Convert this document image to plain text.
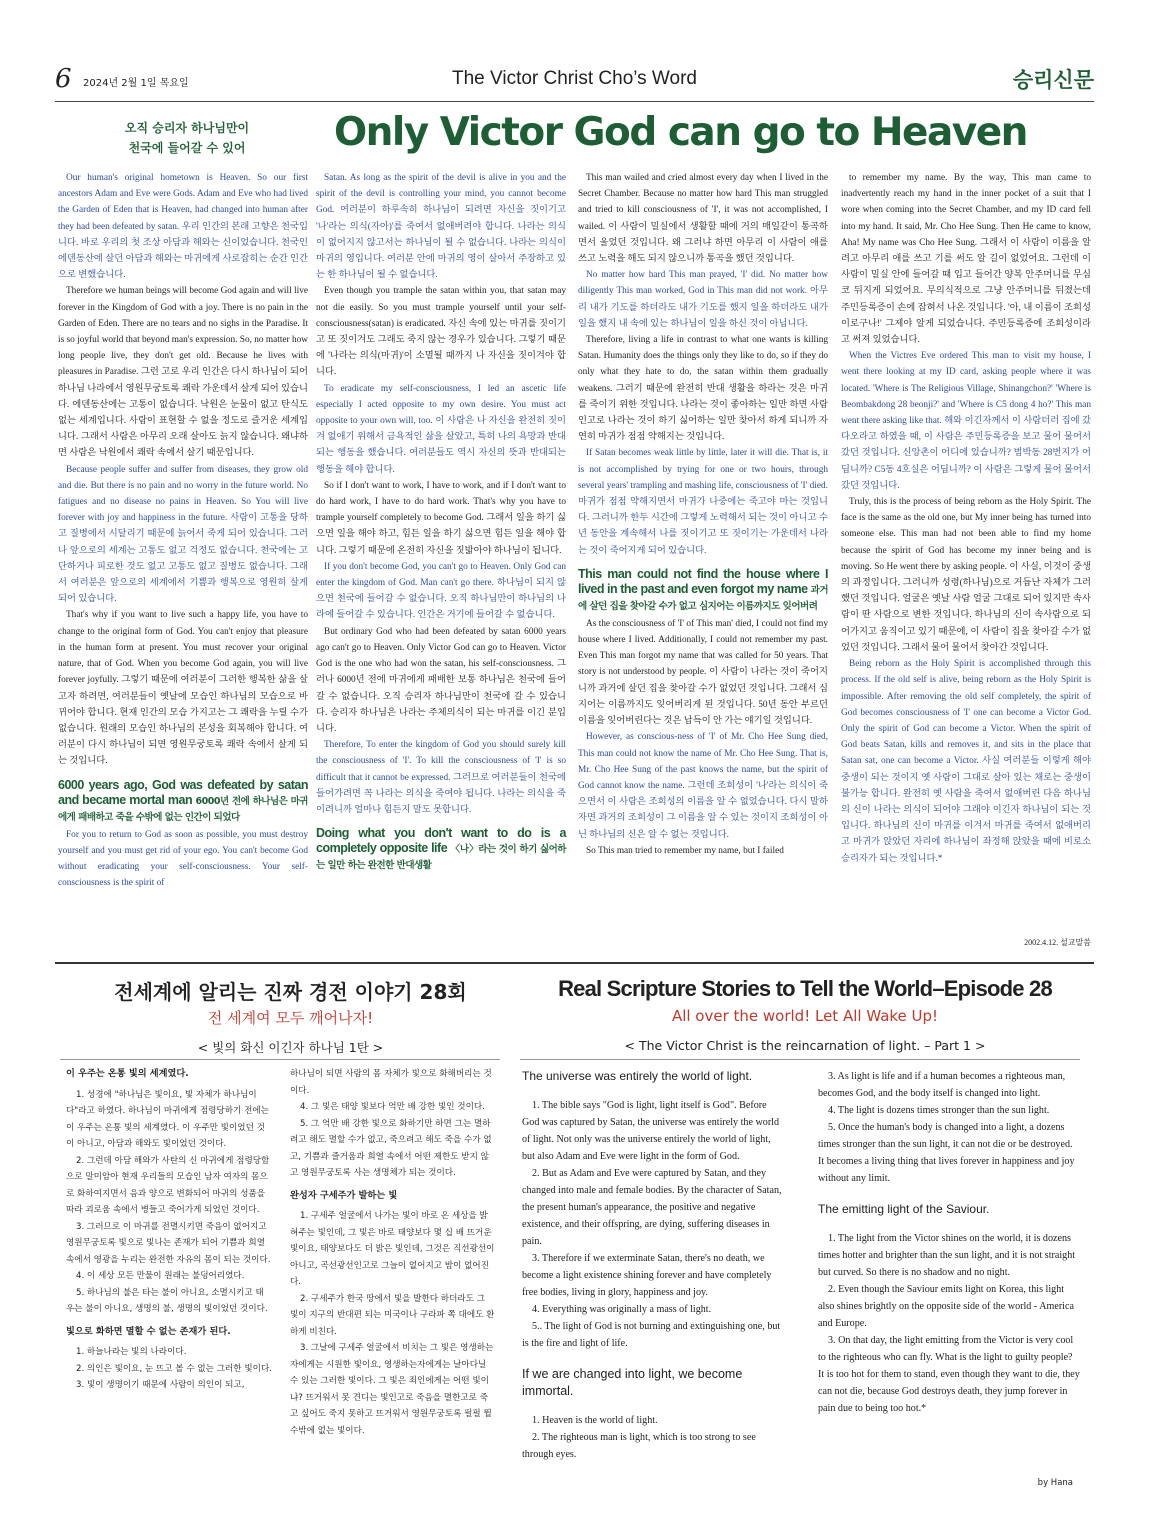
6 2024년 2월 1일 목요일	The Victor Christ Cho’s Word	승리신문
오직 승리자 하나님만이
천국에 들어갈 수 있어	Only Victor God can go to Heaven

Our human's original hometown is Heaven. So our first ancestors Adam and Eve were Gods. Adam and Eve who had lived the Garden of Eden that is Heaven, had changed into human after they had been defeated by satan. 우리 인간의 본래 고향은 천국입니다. 바로 우리의 첫 조상 아담과 해와는 신이었습니다. 천국인 에덴동산에 살던 아담과 해와는 마귀에게 사로잡히는 순간 인간으로 변했습니다.

Therefore we human beings will become God again and will live forever in the Kingdom of God with a joy. There is no pain in the Garden of Eden. There are no tears and no sighs in the Paradise. It is so joyful world that beyond man's expression. So, no matter how long people live, they don't get old. Because he lives with pleasures in Paradise. 그런 고로 우리 인간은 다시 하나님이 되어 하나님 나라에서 영원무궁토록 쾌락 가운데서 살게 되어 있습니다. 에덴동산에는 고통이 없습니다. 낙원은 눈물이 없고 탄식도 없는 세계입니다. 사람이 표현할 수 없을 정도로 즐거운 세계입니다. 그래서 사람은 아무리 오래 살아도 늙지 않습니다. 왜냐하면 사람은 낙원에서 쾌락 속에서 살기 때문입니다.

Because people suffer and suffer from diseases, they grow old and die. But there is no pain and no worry in the future world. No fatigues and no disease no pains in Heaven. So You will live forever with joy and happiness in the future. 사람이 고통을 당하고 질병에서 시달리기 때문에 늙어서 죽게 되어 있습니다. 그러나 앞으로의 세계는 고통도 없고 걱정도 없습니다. 천국에는 고단하거나 피로한 것도 없고 고통도 없고 질병도 없습니다. 그래서 여러분은 앞으로의 세계에서 기쁨과 행복으로 영원히 살게 되어 있습니다.

That's why if you want to live such a happy life, you have to change to the original form of God. You can't enjoy that pleasure in the human form at present. You must recover your original nature, that of God. When you become God again, you will live forever joyfully. 그렇기 때문에 여러분이 그러한 행복한 삶을 살고자 하려면, 여러분들이 옛날에 모습인 하나님의 모습으로 바뀌어야 합니다. 현재 인간의 모습 가지고는 그 쾌락을 누릴 수가 없습니다. 원래의 모습인 하나님의 본성을 회복해야 합니다. 여러분이 다시 하나님이 되면 영원무궁토록 쾌락 속에서 살게 되는 것입니다.

6000 years ago, God was defeated by satan and became mortal man 6000년 전에 하나님은 마귀에게 패배하고 죽을 수밖에 없는 인간이 되었다

For you to return to God as soon as possible, you must destroy yourself and you must get rid of your ego. You can't become God without eradicating your self-consciousness. Your self-consciousness is the spirit of

Satan. As long as the spirit of the devil is alive in you and the spirit of the devil is controlling your mind, you cannot become God. 여러분이 하루속히 하나님이 되려면 자신을 짓이기고 '나'라는 의식(자아)'를 죽여서 없애버려야 합니다. 나라는 의식이 없어지지 않고서는 하나님이 될 수 없습니다. 나라는 의식이 마귀의 영입니다. 여러분 안에 마귀의 영이 살아서 주장하고 있는 한 하나님이 될 수 없습니다.

Even though you trample the satan within you, that satan may not die easily. So you must trample yourself until your self-consciousness(satan) is eradicated. 자신 속에 있는 마귀를 짓이기고 또 짓이겨도 그래도 죽지 않는 경우가 있습니다. 그렇기 때문에 '나라는 의식(마귀)'이 소멸될 때까지 나 자신을 짓이겨야 합니다.

To eradicate my self-consciousness, I led an ascetic life especially I acted opposite to my own desire. You must act opposite to your own will, too. 이 사람은 나 자신을 완전히 짓이겨 없애기 위해서 금욕적인 삶을 살았고, 특히 나의 욕망과 반대되는 행동을 했습니다. 여러분들도 역시 자신의 뜻과 반대되는 행동을 해야 합니다.

So if I don't want to work, I have to work, and if I don't want to do hard work, I have to do hard work. That's why you have to trample yourself completely to become God. 그래서 일을 하기 싫으면 일을 해야 하고, 힘든 일을 하기 싫으면 힘든 일을 해야 합니다. 그렇기 때문에 온전히 자신을 짓밟아야 하나님이 됩니다.

If you don't become God, you can't go to Heaven. Only God can enter the kingdom of God. Man can't go there. 하나님이 되지 않으면 천국에 들어갈 수 없습니다. 오직 하나님만이 하나님의 나라에 들어갈 수 있습니다. 인간은 거기에 들어갈 수 없습니다.

But ordinary God who had been defeated by satan 6000 years ago can't go to Heaven. Only Victor God can go to Heaven. Victor God is the one who had won the satan, his self-consciousness. 그러나 6000년 전에 마귀에게 패배한 보통 하나님은 천국에 들어갈 수 없습니다. 오직 승리자 하나님만이 천국에 갈 수 있습니다. 승리자 하나님은 나라는 주체의식이 되는 마귀를 이긴 분입니다.

Therefore, To enter the kingdom of God you should surely kill the consciousness of 'I'. To kill the consciousness of 'I' is so difficult that it cannot be expressed. 그러므로 여러분들이 천국에 들어가려면 꼭 나라는 의식을 죽여야 됩니다. 나라는 의식을 죽이려니까 얼마나 힘든지 말도 못합니다.

Doing what you don't want to do is a completely opposite life 〈나〉라는 것이 하기 싫어하는 일만 하는 완전한 반대생활

This man wailed and cried almost every day when I lived in the Secret Chamber. Because no matter how hard This man struggled and tried to kill consciousness of 'I', it was not accomplished, I wailed. 이 사람이 밀실에서 생활할 때에 거의 매일같이 통곡하면서 울었던 것입니다. 왜 그러냐 하면 아무리 이 사람이 애를 쓰고 노력을 해도 되지 않으니까 통곡을 했던 것입니다.

No matter how hard This man prayed, 'I' did. No matter how diligently This man worked, God in This man did not work. 아무리 내가 기도를 하더라도 내가 기도를 했지 일을 하더라도 내가 일을 했지 내 속에 있는 하나님이 일을 하신 것이 아닙니다.

Therefore, living a life in contrast to what one wants is killing Satan. Humanity does the things only they like to do, so if they do only what they hate to do, the satan within them gradually weakens. 그러기 때문에 완전히 반대 생활을 하라는 것은 마귀를 죽이기 위한 것입니다. 나라는 것이 좋아하는 일만 하면 사람인고로 나라는 것이 하기 싫어하는 일만 찾아서 하게 되니까 자연히 마귀가 점점 약해지는 것입니다.

If Satan becomes weak little by little, later it will die. That is, it is not accomplished by trying for one or two hours, through several years' trampling and mashing life, consciousness of 'I' died. 마귀가 점점 약해지면서 마귀가 나중에는 죽고야 마는 것입니다. 그러니까 한두 시간에 그렇게 노력해서 되는 것이 아니고 수년 동안을 계속해서 나를 짓이기고 또 짓이기는 가운데서 나라는 것이 죽어지게 되어 있습니다.

This man could not find the house where I lived in the past and even forgot my name 과거에 살던 집을 찾아갈 수가 없고 심지어는 이름까지도 잊어버려

As the consciousness of 'I' of This man' died, I could not find my house where I lived. Additionally, I could not remember my past. Even This man forgot my name that was called for 50 years. That story is not understood by people. 이 사람이 나라는 것이 죽어지니까 과거에 살던 집을 찾아갈 수가 없었던 것입니다. 그래서 심지어는 이름까지도 잊어버리게 된 것입니다. 50년 동안 부르던 이름을 잊어버린다는 것은 납득이 안 가는 얘기일 것입니다.

However, as conscious-ness of 'I' of Mr. Cho Hee Sung died, This man could not know the name of Mr. Cho Hee Sung. That is, Mr. Cho Hee Sung of the past knows the name, but the spirit of God cannot know the name. 그런데 조희성이 '나'라는 의식이 죽으면서 이 사람은 조희성의 이름을 알 수 없었습니다. 다시 말하자면 과거의 조희성이 그 이름을 알 수 있는 것이지 조희성이 아닌 하나님의 신은 알 수 없는 것입니다.

So This man tried to remember my name, but I failed

to remember my name. By the way, This man came to inadvertently reach my hand in the inner pocket of a suit that I wore when coming into the Secret Chamber, and my ID card fell into my hand. It said, Mr. Cho Hee Sung. Then He came to know, Aha! My name was Cho Hee Sung. 그래서 이 사람이 이름을 알려고 아무리 애를 쓰고 기를 써도 알 길이 없었어요. 그런데 이 사람이 밀실 안에 들어갈 때 입고 들어간 양복 안주머니를 무심코 뒤지게 되었어요. 무의식적으로 그냥 안주머니를 뒤졌는데 주민등록증이 손에 잡혀서 나온 것입니다. '아, 내 이름이 조희성이로구나!' 그제야 알게 되었습니다. 주민등록증에 조희성이라고 써져 있었습니다.

When the Victres Eve ordered This man to visit my house, I went there looking at my ID card, asking people where it was located. 'Where is The Religious Village, Shinangchon?' 'Where is Beombakdong 28 beonji?' and 'Where is C5 dong 4 ho?' This man went there asking like that. 해와 이긴자께서 이 사람더러 집에 갔다오라고 하였을 때, 이 사람은 주민등록증을 보고 물어 물어서 갔던 것입니다. 신앙촌이 어디에 있습니까? 범박동 28번지가 어딥니까? C5동 4호실은 어딥니까? 이 사람은 그렇게 물어 물어서 갔던 것입니다.

Truly, this is the process of being reborn as the Holy Spirit. The face is the same as the old one, but My inner being has turned into someone else. This man had not been able to find my home because the spirit of God has become my inner being and is moving. So He went there by asking people. 이 사실, 이것이 중생의 과정입니다. 그러니까 성령(하나님)으로 거듭난 자체가 그러했던 것입니다. 얼굴은 옛날 사람 얼굴 그대로 되어 있지만 속사람이 딴 사람으로 변한 것입니다. 하나님의 신이 속사람으로 되어가지고 움직이고 있기 때문에, 이 사람이 집을 찾아갈 수가 없었던 것입니다. 그래서 물어 물어서 찾아간 것입니다.

Being reborn as the Holy Spirit is accomplished through this process. If the old self is alive, being reborn as the Holy Spirit is impossible. After removing the old self completely, the spirit of God becomes consciousness of 'I' one can become a Victor God. Only the spirit of God can become a Victor. When the spirit of God beats Satan, kills and removes it, and sits in the place that Satan sat, one can become a Victor. 사실 여러분들 이렇게 해야 중생이 되는 것이지 옛 사람이 그대로 살아 있는 채로는 중생이 불가능 합니다. 완전히 옛 사람을 죽여서 없애버린 다음 하나님의 신이 나라는 의식이 되어야 그래야 이긴자 하나님이 되는 것입니다. 하나님의 신이 마귀를 이겨서 마귀를 죽여서 없애버리고 마귀가 앉았던 자리에 하나님이 좌정해 앉았을 때에 비로소 승리자가 되는 것입니다.*

2002.4.12. 설교말씀
전세계에 알리는 진짜 경전 이야기 28회
전 세계여 모두 깨어나자!
< 빛의 화신 이긴자 하나님 1탄 >
Real Scripture Stories to Tell the World–Episode 28
All over the world! Let All Wake Up!
< The Victor Christ is the reincarnation of light. – Part 1 >
이 우주는 온통 빛의 세계였다.

1. 성경에 "하나님은 빛이요, 빛 자체가 하나님이다"라고 하였다. 하나님이 마귀에게 점령당하기 전에는 이 우주는 온통 빛의 세계였다. 이 우주만 빛이었던 것이 아니고, 아담과 해와도 빛이었던 것이다.

2. 그런데 아담 해와가 사탄의 신 마귀에게 점령당함으로 말미암아 현재 우리들의 모습인 남자 여자의 몸으로 화하여지면서 음과 양으로 변화되어 마귀의 성품을 따라 괴로움 속에서 병들고 죽어가게 되었던 것이다.

3. 그러므로 이 마귀를 전멸시키면 죽음이 없어지고 영원무궁토록 빛으로 빛나는 존재가 되어 기쁨과 희열 속에서 영광을 누리는 완전한 자유의 몸이 되는 것이다.

4. 이 세상 모든 만물이 원래는 불덩어리였다.

5. 하나님의 불은 타는 불이 아니요, 소멸시키고 태우는 불이 아니요, 생명의 불, 생명의 빛이었던 것이다.

빛으로 화하면 멸할 수 없는 존재가 된다.

1. 하늘나라는 빛의 나라이다.

2. 의인은 빛이요, 눈 뜨고 볼 수 없는 그러한 빛이다.

3. 빛이 생명이기 때문에 사람이 의인이 되고,

하나님이 되면 사람의 몸 자체가 빛으로 화해버리는 것이다.

4. 그 빛은 태양 빛보다 억만 배 강한 빛인 것이다.

5. 그 억만 배 강한 빛으로 화하기만 하면 그는 멸하려고 해도 멸할 수가 없고, 죽으려고 해도 죽을 수가 없고, 기쁨과 즐거움과 희열 속에서 어떤 제한도 받지 않고 영원무궁토록 사는 생명체가 되는 것이다.

완성자 구세주가 발하는 빛

1. 구세주 얼굴에서 나가는 빛이 바로 온 세상을 밝혀주는 빛인데, 그 빛은 바로 태양보다 몇 십 배 뜨거운 빛이요, 태양보다도 더 밝은 빛인데, 그것은 직선광선이 아니고, 곡선광선인고로 그늘이 없어지고 밤이 없어진다.

2. 구세주가 한국 땅에서 빛을 발한다 하더라도 그 빛이 지구의 반대편 되는 미국이나 구라파 쪽 대에도 환하게 비친다.

3. 그날에 구세주 얼굴에서 비치는 그 빛은 영생하는 자에게는 시원한 빛이요, 영생하는자에게는 날아다닐 수 있는 그러한 빛이다. 그 빛은 죄인에게는 어떤 빛이냐? 뜨거워서 못 견디는 빛인고로 죽음을 멸한고로 죽고 싶어도 죽지 못하고 뜨거워서 영원무궁토록 펄펄 뛸 수밖에 없는 빛이다.

The universe was entirely the world of light.

1. The bible says "God is light, light itself is God". Before God was captured by Satan, the universe was entirely the world of light. Not only was the universe entirely the world of light, but also Adam and Eve were light in the form of God.

2. But as Adam and Eve were captured by Satan, and they changed into male and female bodies. By the character of Satan, the present human's appearance, the positive and negative existence, and their offspring, are dying, suffering diseases in pain.

3. Therefore if we exterminate Satan, there's no death, we become a light existence shining forever and have completely free bodies, living in glory, happiness and joy.

4. Everything was originally a mass of light.

5.. The light of God is not burning and extinguishing one, but is the fire and light of life.

If we are changed into light, we become immortal.

1. Heaven is the world of light.

2. The righteous man is light, which is too strong to see through eyes.

3. As light is life and if a human becomes a righteous man, becomes God, and the body itself is changed into light.

4. The light is dozens times stronger than the sun light.

5. Once the human's body is changed into a light, a dozens times stronger than the sun light, it can not die or be destroyed. It becomes a living thing that lives forever in happiness and joy without any limit.

The emitting light of the Saviour.

1. The light from the Victor shines on the world, it is dozens times hotter and brighter than the sun light, and it is not straight but curved. So there is no shadow and no night.

2. Even though the Saviour emits light on Korea, this light also shines brightly on the opposite side of the world - America and Europe.

3. On that day, the light emitting from the Victor is very cool to the righteous who can fly. What is the light to guilty people? It is too hot for them to stand, even though they want to die, they can not die, because God destroys death, they jump forever in pain due to being too hot.*

by Hana
